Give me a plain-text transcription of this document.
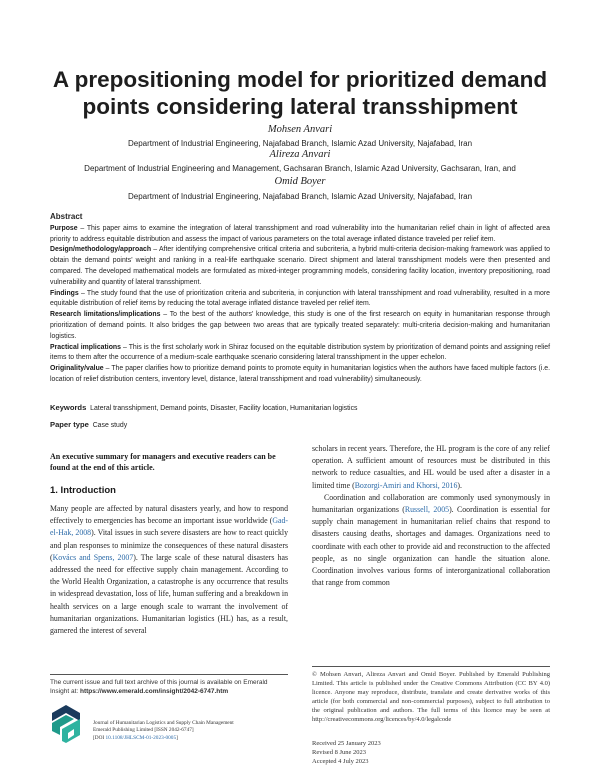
A prepositioning model for prioritized demand
points considering lateral transshipment
Mohsen Anvari
Department of Industrial Engineering, Najafabad Branch, Islamic Azad University, Najafabad, Iran
Alireza Anvari
Department of Industrial Engineering and Management, Gachsaran Branch, Islamic Azad University, Gachsaran, Iran, and
Omid Boyer
Department of Industrial Engineering, Najafabad Branch, Islamic Azad University, Najafabad, Iran
Abstract

Purpose – This paper aims to examine the integration of lateral transshipment and road vulnerability into the humanitarian relief chain in light of affected area priority to address equitable distribution and assess the impact of various parameters on the total average inflated distance traveled per relief item.

Design/methodology/approach – After identifying comprehensive critical criteria and subcriteria, a hybrid multi-criteria decision-making framework was applied to obtain the demand points’ weight and ranking in a real-life earthquake scenario. Direct shipment and lateral transshipment models were then presented and compared. The developed mathematical models are formulated as mixed-integer programming models, considering facility location, inventory prepositioning, road vulnerability and quantity of lateral transshipment.

Findings – The study found that the use of prioritization criteria and subcriteria, in conjunction with lateral transshipment and road vulnerability, resulted in a more equitable distribution of relief items by reducing the total average inflated distance traveled per relief item.

Research limitations/implications – To the best of the authors’ knowledge, this study is one of the first research on equity in humanitarian response through prioritization of demand points. It also bridges the gap between two areas that are typically treated separately: multi-criteria decision-making and humanitarian logistics.

Practical implications – This is the first scholarly work in Shiraz focused on the equitable distribution system by prioritization of demand points and assigning relief items to them after the occurrence of a medium-scale earthquake scenario considering lateral transshipment in the upper echelon.

Originality/value – The paper clarifies how to prioritize demand points to promote equity in humanitarian logistics when the authors have faced multiple factors (i.e. location of relief distribution centers, inventory level, distance, lateral transshipment and road vulnerability) simultaneously.

Keywords Lateral transshipment, Demand points, Disaster, Facility location, Humanitarian logistics
Paper type Case study
An executive summary for managers and executive readers can be found at the end of this article.
1. Introduction

Many people are affected by natural disasters yearly, and how to respond effectively to emergencies has become an important issue worldwide (Gad-el-Hak, 2008). Vital issues in such severe disasters are how to react quickly and plan responses to minimize the consequences of these natural disasters (Kovács and Spens, 2007). The large scale of these natural disasters has addressed the need for effective supply chain management. According to the World Health Organization, a catastrophe is any occurrence that results in widespread devastation, loss of life, human suffering and a breakdown in health services on a large enough scale to warrant the involvement of humanitarian organizations. Humanitarian logistics (HL) has, as a result, garnered the interest of several

The current issue and full text archive of this journal is available on Emerald Insight at: https://www.emerald.com/insight/2042-6747.htm
Journal of Humanitarian Logistics and Supply Chain Management
Emerald Publishing Limited [ISSN 2042-6747]
[DOI 10.1108/JHLSCM-01-2023-0005]

scholars in recent years. Therefore, the HL program is the core of any relief operation. A sufficient amount of resources must be distributed in this network to reduce casualties, and HL would be used after a disaster in a limited time (Bozorgi-Amiri and Khorsi, 2016).

Coordination and collaboration are commonly used synonymously in humanitarian organizations (Russell, 2005). Coordination is essential for supply chain management in humanitarian relief chains that respond to disasters causing deaths, shortages and damages. Organizations need to coordinate with each other to provide aid and reconstruction to the affected people, as no single organization can handle the situation alone. Coordination involves various forms of interorganizational collaboration that range from common

© Mohsen Anvari, Alireza Anvari and Omid Boyer. Published by Emerald Publishing Limited. This article is published under the Creative Commons Attribution (CC BY 4.0) licence. Anyone may reproduce, distribute, translate and create derivative works of this article (for both commercial and non-commercial purposes), subject to full attribution to the original publication and authors. The full terms of this licence may be seen at http://creativecommons.org/licences/by/4.0/legalcode

Received 25 January 2023
Revised 8 June 2023
Accepted 4 July 2023
